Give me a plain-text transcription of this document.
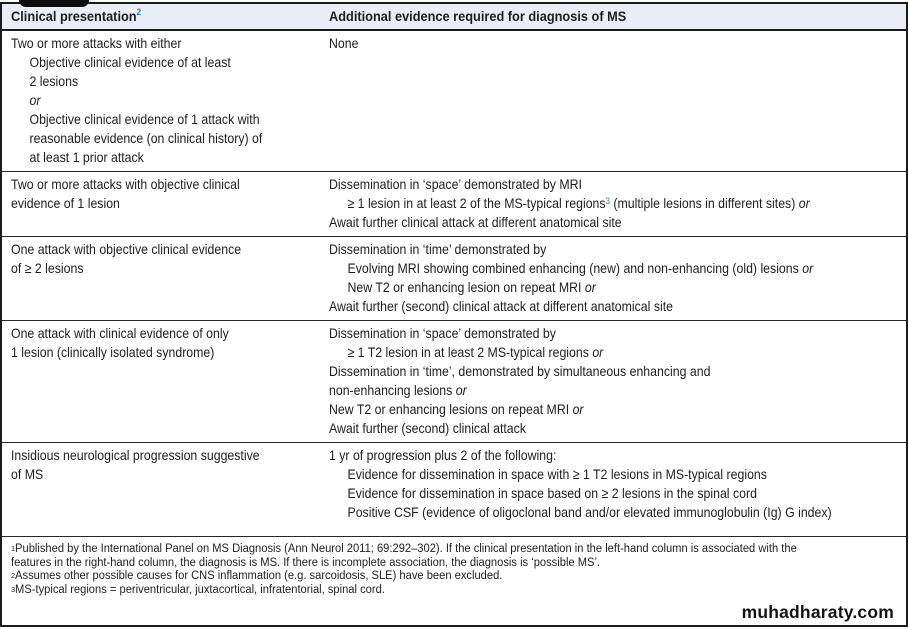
Clinical presentation$^2$	Additional evidence required for diagnosis of MS
Two or more attacks with either
Objective clinical evidence of at least
2 lesions
or
Objective clinical evidence of 1 attack with
reasonable evidence (on clinical history) of
at least 1 prior attack
None
Two or more attacks with objective clinical
evidence of 1 lesion
Dissemination in ‘space’ demonstrated by MRI
≥ 1 lesion in at least 2 of the MS-typical regions$^3$ (multiple lesions in different sites) or
Await further clinical attack at different anatomical site
One attack with objective clinical evidence
of ≥ 2 lesions
Dissemination in ‘time’ demonstrated by
Evolving MRI showing combined enhancing (new) and non-enhancing (old) lesions or
New T2 or enhancing lesion on repeat MRI or
Await further (second) clinical attack at different anatomical site
One attack with clinical evidence of only
1 lesion (clinically isolated syndrome)
Dissemination in ‘space’ demonstrated by
≥ 1 T2 lesion in at least 2 MS-typical regions or
Dissemination in ‘time’, demonstrated by simultaneous enhancing and
non-enhancing lesions or
New T2 or enhancing lesions on repeat MRI or
Await further (second) clinical attack
Insidious neurological progression suggestive
of MS
1 yr of progression plus 2 of the following:
Evidence for dissemination in space with ≥ 1 T2 lesions in MS-typical regions
Evidence for dissemination in space based on ≥ 2 lesions in the spinal cord
Positive CSF (evidence of oligoclonal band and/or elevated immunoglobulin (Ig) G index)
$^1$Published by the International Panel on MS Diagnosis (Ann Neurol 2011; 69:292–302). If the clinical presentation in the left-hand column is associated with the
features in the right-hand column, the diagnosis is MS. If there is incomplete association, the diagnosis is ‘possible MS’.
$^2$Assumes other possible causes for CNS inflammation (e.g. sarcoidosis, SLE) have been excluded.
$^3$MS-typical regions = periventricular, juxtacortical, infratentorial, spinal cord.
muhadharaty.com
